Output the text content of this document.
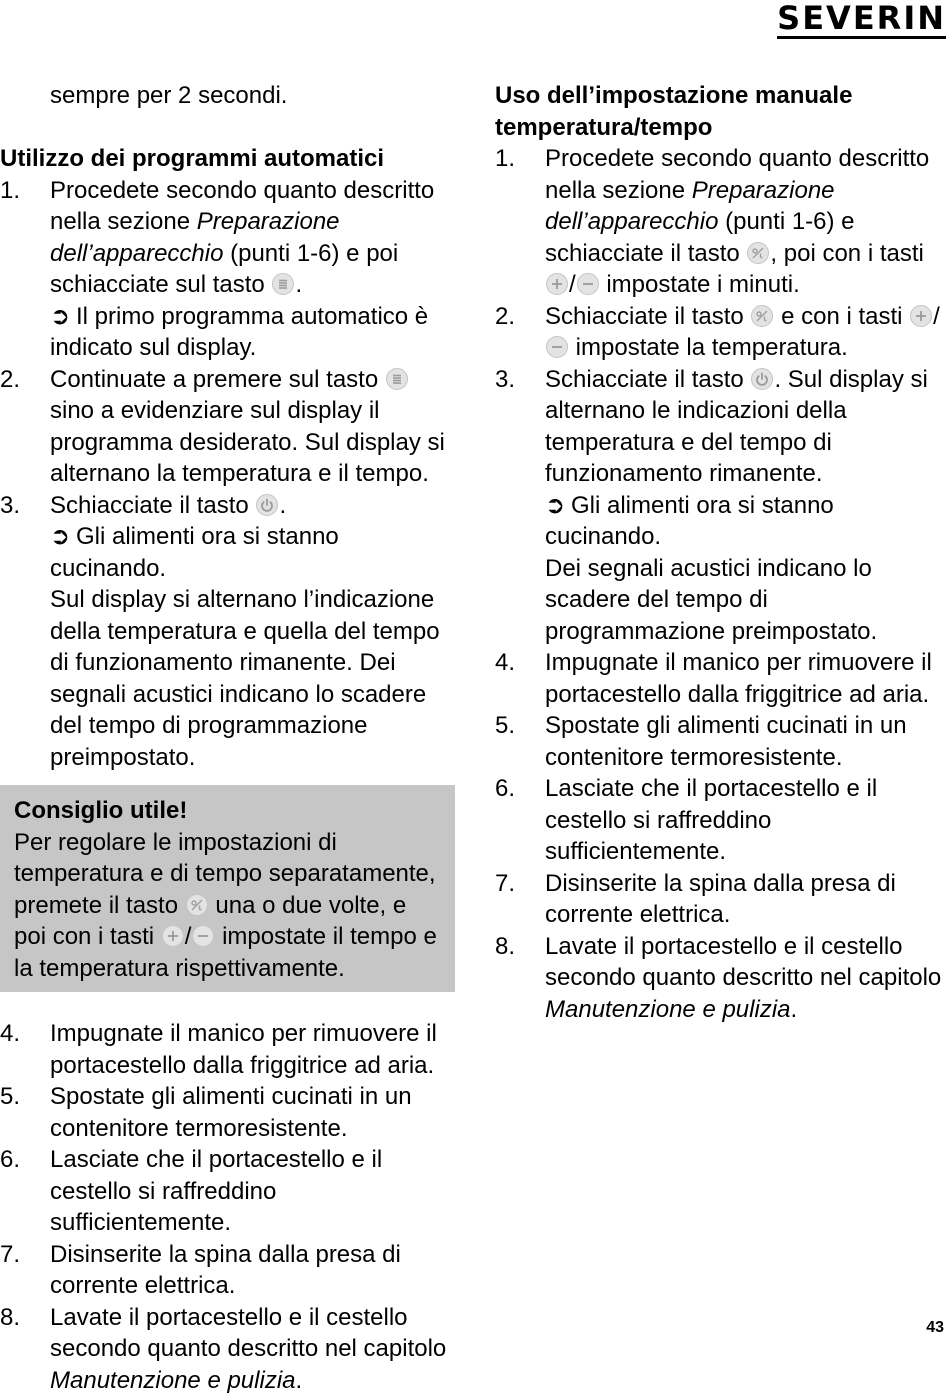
SEVERIN

sempre per 2 secondi.

Utilizzo dei programmi automatici
1. Procedete secondo quanto descritto nella sezione Preparazione dell’apparecchio (punti 1-6) e poi schiacciate sul tasto
.
➲ Il primo programma automatico è indicato sul display.
2. Continuate a premere sul tasto
sino a evidenziare sul display il programma desiderato. Sul display si alternano la temperatura e il tempo.
3. Schiacciate il tasto
.
➲ Gli alimenti ora si stanno cucinando.
Sul display si alternano l’indicazione della temperatura e quella del tempo di funzionamento rimanente. Dei segnali acustici indicano lo scadere del tempo di programmazione preimpostato.
Consiglio utile!

Per regolare le impostazioni di temperatura e di tempo separatamente, premete il tasto
una o due volte, e poi con i tasti
/
impostate il tempo e la temperatura rispettivamente.

4. Impugnate il manico per rimuovere il portacestello dalla friggitrice ad aria.
5. Spostate gli alimenti cucinati in un contenitore termoresistente.
6. Lasciate che il portacestello e il cestello si raffreddino sufficientemente.
7. Disinserite la spina dalla presa di corrente elettrica.
8. Lavate il portacestello e il cestello secondo quanto descritto nel capitolo Manutenzione e pulizia.
Uso dell’impostazione manuale temperatura/tempo
1. Procedete secondo quanto descritto nella sezione Preparazione dell’apparecchio (punti 1-6) e schiacciate il tasto
, poi con i tasti
/
impostate i minuti.
2. Schiacciate il tasto
e con i tasti
/
impostate la temperatura.
3. Schiacciate il tasto
. Sul display si alternano le indicazioni della temperatura e del tempo di funzionamento rimanente.
➲ Gli alimenti ora si stanno cucinando.
Dei segnali acustici indicano lo scadere del tempo di programmazione preimpostato.
4. Impugnate il manico per rimuovere il portacestello dalla friggitrice ad aria.
5. Spostate gli alimenti cucinati in un contenitore termoresistente.
6. Lasciate che il portacestello e il cestello si raffreddino sufficientemente.
7. Disinserite la spina dalla presa di corrente elettrica.
8. Lavate il portacestello e il cestello secondo quanto descritto nel capitolo Manutenzione e pulizia.
43
